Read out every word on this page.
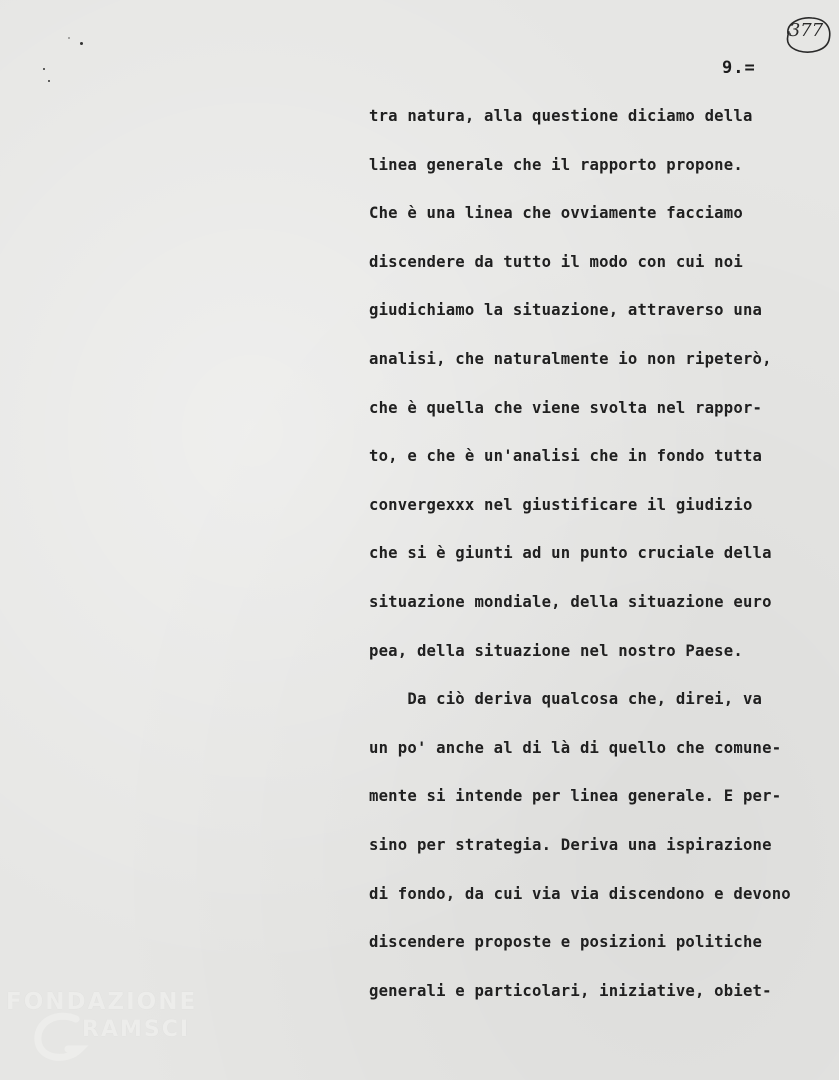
377
9.=
tra natura, alla questione diciamo della
linea generale che il rapporto propone.
Che è una linea che ovviamente facciamo
discendere da tutto il modo con cui noi
giudichiamo la situazione, attraverso una
analisi, che naturalmente io non ripeterò,
che è quella che viene svolta nel rappor-
to, e che è un'analisi che in fondo tutta
convergexxx nel giustificare il giudizio
che si è giunti ad un punto cruciale della
situazione mondiale, della situazione euro
pea, della situazione nel nostro Paese.
Da ciò deriva qualcosa che, direi, va
un po' anche al di là di quello che comune-
mente si intende per linea generale. E per-
sino per strategia. Deriva una ispirazione
di fondo, da cui via via discendono e devono
discendere proposte e posizioni politiche
generali e particolari, iniziative, obiet-
FONDAZIONE
RAMSCI
